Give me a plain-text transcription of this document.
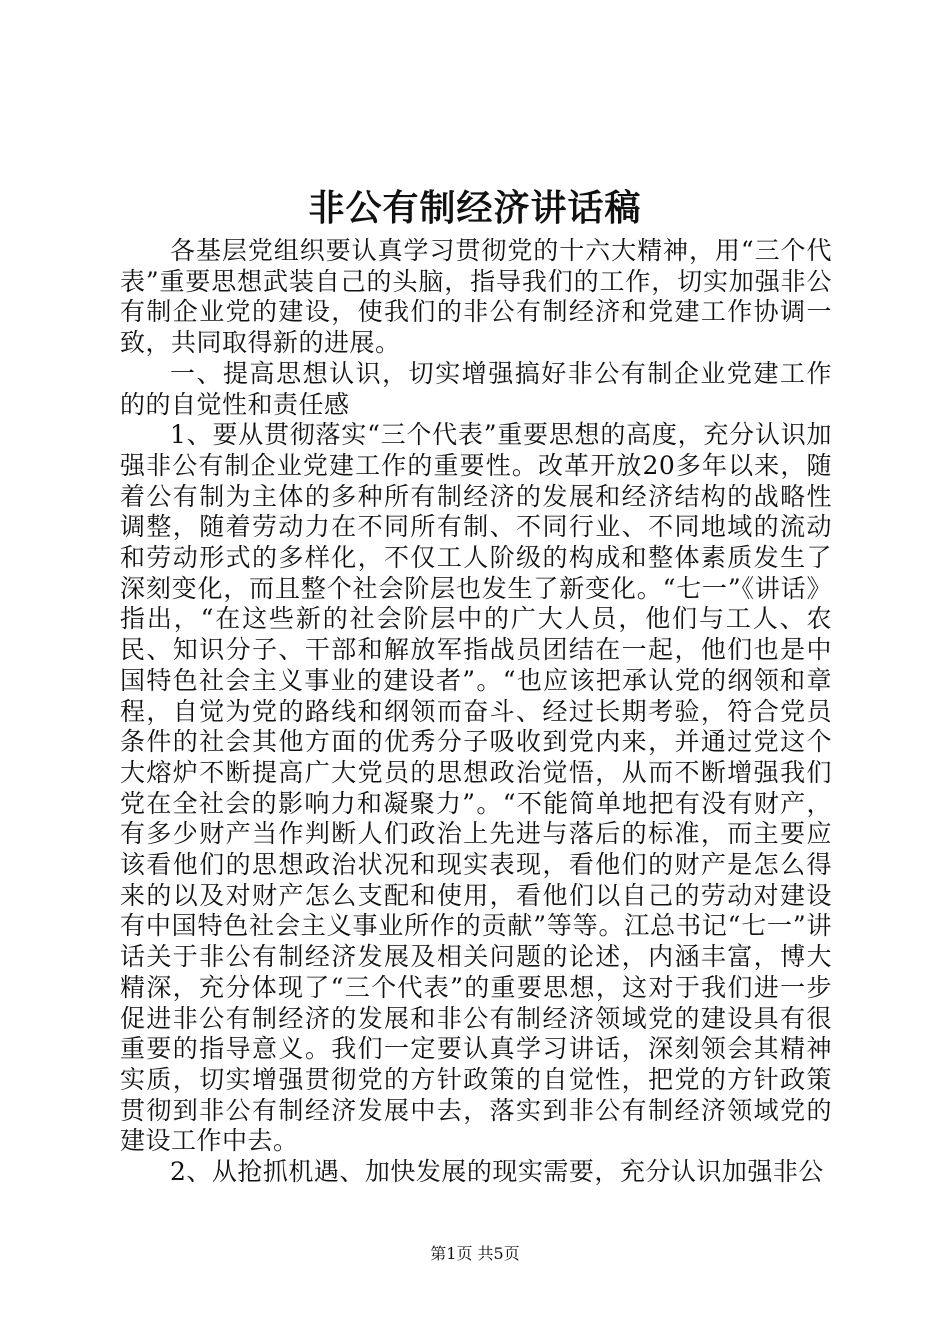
非公有制经济讲话稿

各基层党组织要认真学习贯彻党的十六大精神，用“三个代表”重要思想武装自己的头脑，指导我们的工作，切实加强非公有制企业党的建设，使我们的非公有制经济和党建工作协调一致，共同取得新的进展。

一、提高思想认识，切实增强搞好非公有制企业党建工作的的自觉性和责任感

1、要从贯彻落实“三个代表”重要思想的高度，充分认识加强非公有制企业党建工作的重要性。改革开放20多年以来，随着公有制为主体的多种所有制经济的发展和经济结构的战略性调整，随着劳动力在不同所有制、不同行业、不同地域的流动和劳动形式的多样化，不仅工人阶级的构成和整体素质发生了深刻变化，而且整个社会阶层也发生了新变化。“七一”《讲话》指出，“在这些新的社会阶层中的广大人员，他们与工人、农民、知识分子、干部和解放军指战员团结在一起，他们也是中国特色社会主义事业的建设者”。“也应该把承认党的纲领和章程，自觉为党的路线和纲领而奋斗、经过长期考验，符合党员条件的社会其他方面的优秀分子吸收到党内来，并通过党这个大熔炉不断提高广大党员的思想政治觉悟，从而不断增强我们党在全社会的影响力和凝聚力”。“不能简单地把有没有财产，有多少财产当作判断人们政治上先进与落后的标准，而主要应该看他们的思想政治状况和现实表现，看他们的财产是怎么得来的以及对财产怎么支配和使用，看他们以自己的劳动对建设有中国特色社会主义事业所作的贡献”等等。江总书记“七一”讲话关于非公有制经济发展及相关问题的论述，内涵丰富，博大精深，充分体现了“三个代表”的重要思想，这对于我们进一步促进非公有制经济的发展和非公有制经济领域党的建设具有很重要的指导意义。我们一定要认真学习讲话，深刻领会其精神实质，切实增强贯彻党的方针政策的自觉性，把党的方针政策贯彻到非公有制经济发展中去，落实到非公有制经济领域党的建设工作中去。

2、从抢抓机遇、加快发展的现实需要，充分认识加强非公

第1页 共5页
